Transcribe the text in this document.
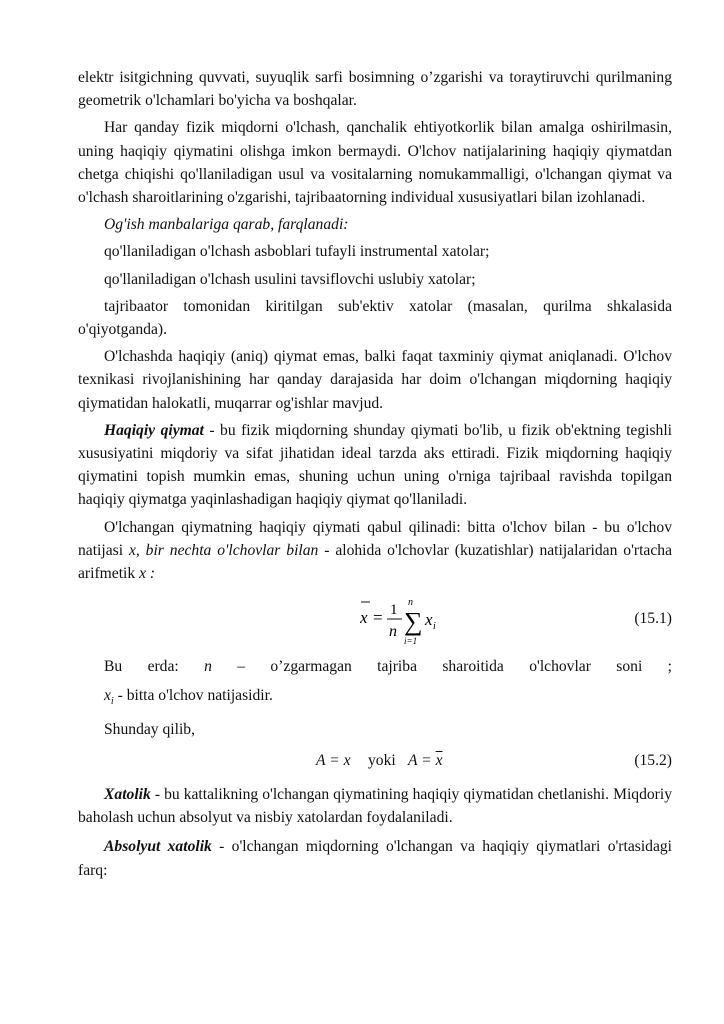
elektr isitgichning quvvati, suyuqlik sarfi bosimning o’zgarishi va toraytiruvchi qurilmaning geometrik o'lchamlari bo'yicha va boshqalar.

Har qanday fizik miqdorni o'lchash, qanchalik ehtiyotkorlik bilan amalga oshirilmasin, uning haqiqiy qiymatini olishga imkon bermaydi. O'lchov natijalarining haqiqiy qiymatdan chetga chiqishi qo'llaniladigan usul va vositalarning nomukammalligi, o'lchangan qiymat va o'lchash sharoitlarining o'zgarishi, tajribaatorning individual xususiyatlari bilan izohlanadi.

Og'ish manbalariga qarab, farqlanadi:

qo'llaniladigan o'lchash asboblari tufayli instrumental xatolar;

qo'llaniladigan o'lchash usulini tavsiflovchi uslubiy xatolar;

tajribaator tomonidan kiritilgan sub'ektiv xatolar (masalan, qurilma shkalasida o'qiyotganda).

O'lchashda haqiqiy (aniq) qiymat emas, balki faqat taxminiy qiymat aniqlanadi. O'lchov texnikasi rivojlanishining har qanday darajasida har doim o'lchangan miqdorning haqiqiy qiymatidan halokatli, muqarrar og'ishlar mavjud.

Haqiqiy qiymat - bu fizik miqdorning shunday qiymati bo'lib, u fizik ob'ektning tegishli xususiyatini miqdoriy va sifat jihatidan ideal tarzda aks ettiradi. Fizik miqdorning haqiqiy qiymatini topish mumkin emas, shuning uchun uning o'rniga tajribaal ravishda topilgan haqiqiy qiymatga yaqinlashadigan haqiqiy qiymat qo'llaniladi.

O'lchangan qiymatning haqiqiy qiymati qabul qilinadi: bitta o'lchov bilan - bu o'lchov natijasi x, bir nechta o'lchovlar bilan - alohida o'lchovlar (kuzatishlar) natijalaridan o'rtacha arifmetik x :

x = 1
n
n
∑
i=1
x i	(15.1)
Bu erda: n – o’zgarmagan tajriba sharoitida o'lchovlar soni ;

$x_i$ - bitta o'lchov natijasidir.

Shunday qilib,

A = x yoki $A = \overline{x}$	(15.2)

Xatolik - bu kattalikning o'lchangan qiymatining haqiqiy qiymatidan chetlanishi. Miqdoriy baholash uchun absolyut va nisbiy xatolardan foydalaniladi.

Absolyut xatolik - o'lchangan miqdorning o'lchangan va haqiqiy qiymatlari o'rtasidagi farq:
